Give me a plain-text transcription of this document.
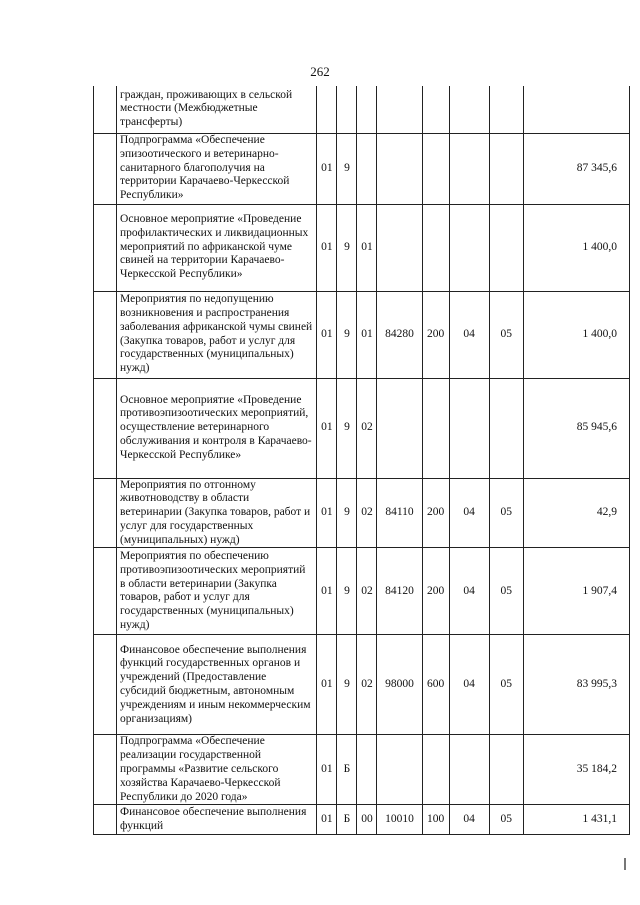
262
	граждан, проживающих в сельской местности (Межбюджетные трансферты)								
	Подпрограмма «Обеспечение эпизоотического и ветеринарно-санитарного благополучия на территории Карачаево-Черкесской Республики»	01	9						87 345,6
	Основное мероприятие «Проведение профилактических и ликвидационных мероприятий по африканской чуме свиней на территории Карачаево-Черкесской Республики»	01	9	01					1 400,0
	Мероприятия по недопущению возникновения и распространения заболевания африканской чумы свиней (Закупка товаров, работ и услуг для государственных (муниципальных) нужд)	01	9	01	84280	200	04	05	1 400,0
	Основное мероприятие «Проведение противоэпизоотических мероприятий, осуществление ветеринарного обслуживания и контроля в Карачаево-Черкесской Республике»	01	9	02					85 945,6
	Мероприятия по отгонному животноводству в области ветеринарии (Закупка товаров, работ и услуг для государственных (муниципальных) нужд)	01	9	02	84110	200	04	05	42,9
	Мероприятия по обеспечению противоэпизоотических мероприятий в области ветеринарии (Закупка товаров, работ и услуг для государственных (муниципальных) нужд)	01	9	02	84120	200	04	05	1 907,4
	Финансовое обеспечение выполнения функций государственных органов и учреждений (Предоставление субсидий бюджетным, автономным учреждениям и иным некоммерческим организациям)	01	9	02	98000	600	04	05	83 995,3
	Подпрограмма «Обеспечение реализации государственной программы «Развитие сельского хозяйства Карачаево-Черкесской Республики до 2020 года»	01	Б						35 184,2
	Финансовое обеспечение выполнения функций	01	Б	00	10010	100	04	05	1 431,1
